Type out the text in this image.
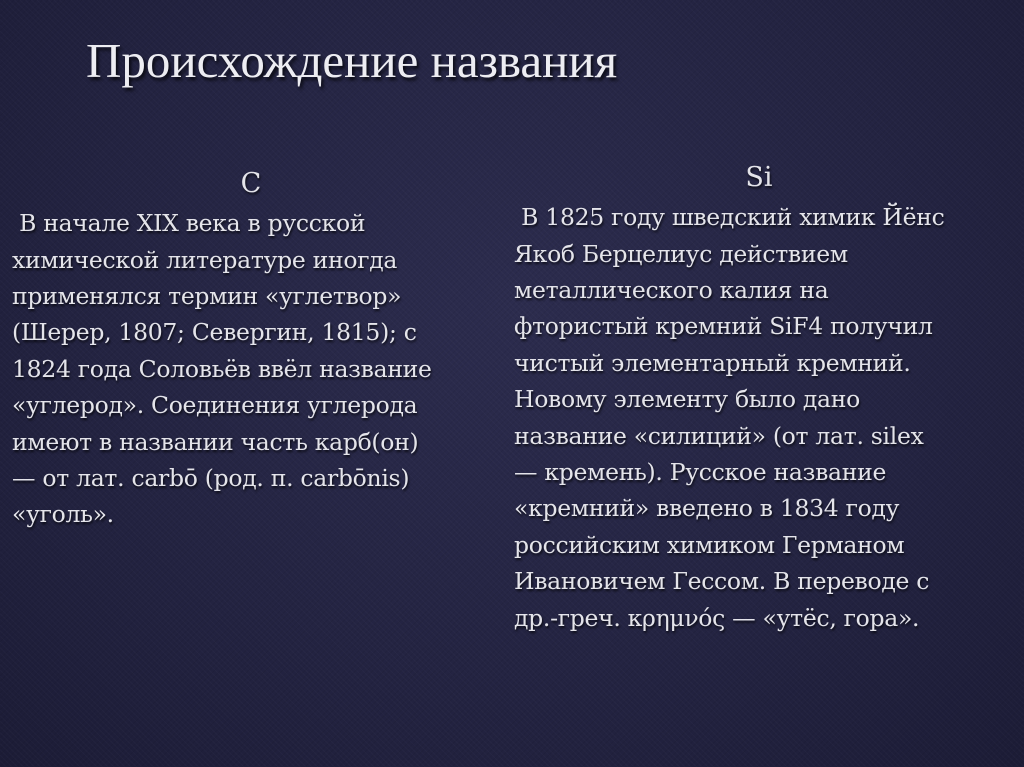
Происхождение названия
C

В начале XIX века в русской
химической литературе иногда
применялся термин «углетвор»
(Шерер, 1807; Севергин, 1815); с
1824 года Соловьёв ввёл название
«углерод». Соединения углерода
имеют в названии часть карб(он)
— от лат. carbō (род. п. carbōnis)
«уголь».

Si

В 1825 году шведский химик Йёнс
Якоб Берцелиус действием
металлического калия на
фтористый кремний SiF4 получил
чистый элементарный кремний.
Новому элементу было дано
название «силиций» (от лат. silex
— кремень). Русское название
«кремний» введено в 1834 году
российским химиком Германом
Ивановичем Гессом. В переводе с
др.-греч. κρημνός — «утёс, гора».
